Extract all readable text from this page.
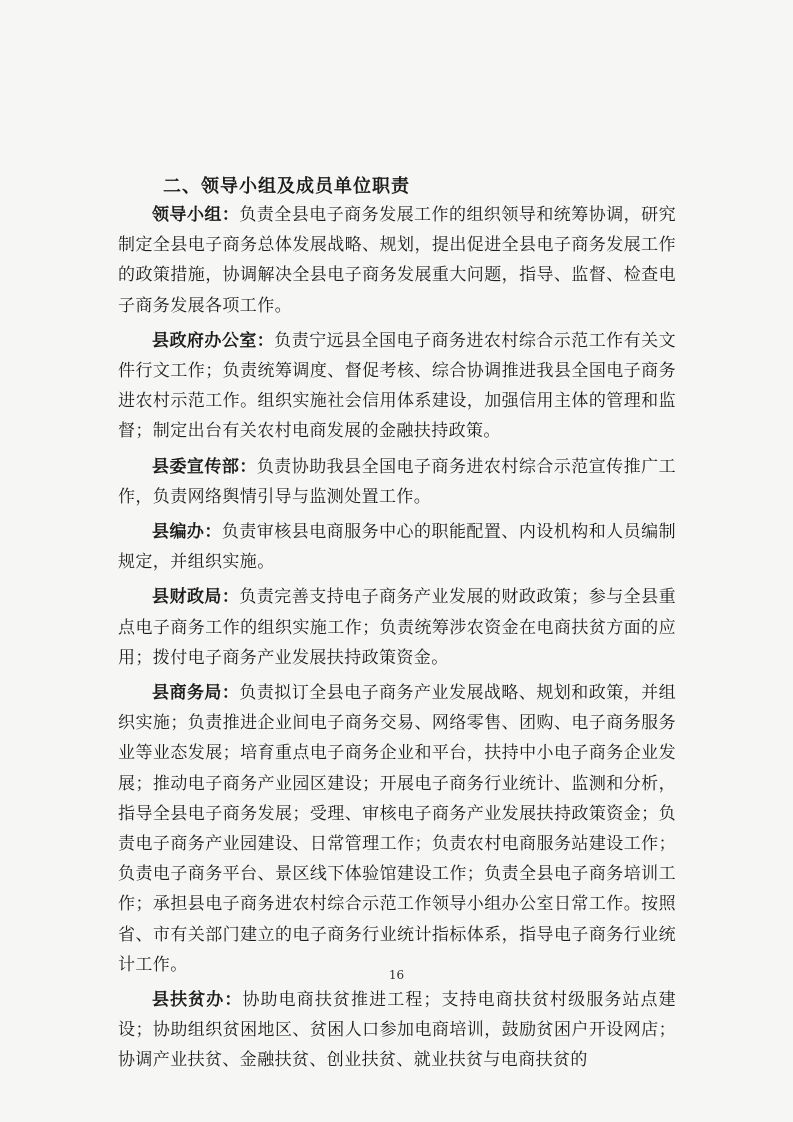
二、领导小组及成员单位职责

领导小组：负责全县电子商务发展工作的组织领导和统筹协调，研究制定全县电子商务总体发展战略、规划，提出促进全县电子商务发展工作的政策措施，协调解决全县电子商务发展重大问题，指导、监督、检查电子商务发展各项工作。

县政府办公室：负责宁远县全国电子商务进农村综合示范工作有关文件行文工作；负责统筹调度、督促考核、综合协调推进我县全国电子商务进农村示范工作。组织实施社会信用体系建设，加强信用主体的管理和监督；制定出台有关农村电商发展的金融扶持政策。

县委宣传部：负责协助我县全国电子商务进农村综合示范宣传推广工作，负责网络舆情引导与监测处置工作。

县编办：负责审核县电商服务中心的职能配置、内设机构和人员编制规定，并组织实施。

县财政局：负责完善支持电子商务产业发展的财政政策；参与全县重点电子商务工作的组织实施工作；负责统筹涉农资金在电商扶贫方面的应用；拨付电子商务产业发展扶持政策资金。

县商务局：负责拟订全县电子商务产业发展战略、规划和政策，并组织实施；负责推进企业间电子商务交易、网络零售、团购、电子商务服务业等业态发展；培育重点电子商务企业和平台，扶持中小电子商务企业发展；推动电子商务产业园区建设；开展电子商务行业统计、监测和分析，指导全县电子商务发展；受理、审核电子商务产业发展扶持政策资金；负责电子商务产业园建设、日常管理工作；负责农村电商服务站建设工作；负责电子商务平台、景区线下体验馆建设工作；负责全县电子商务培训工作；承担县电子商务进农村综合示范工作领导小组办公室日常工作。按照省、市有关部门建立的电子商务行业统计指标体系，指导电子商务行业统计工作。

县扶贫办：协助电商扶贫推进工程；支持电商扶贫村级服务站点建设；协助组织贫困地区、贫困人口参加电商培训，鼓励贫困户开设网店；协调产业扶贫、金融扶贫、创业扶贫、就业扶贫与电商扶贫的

16
